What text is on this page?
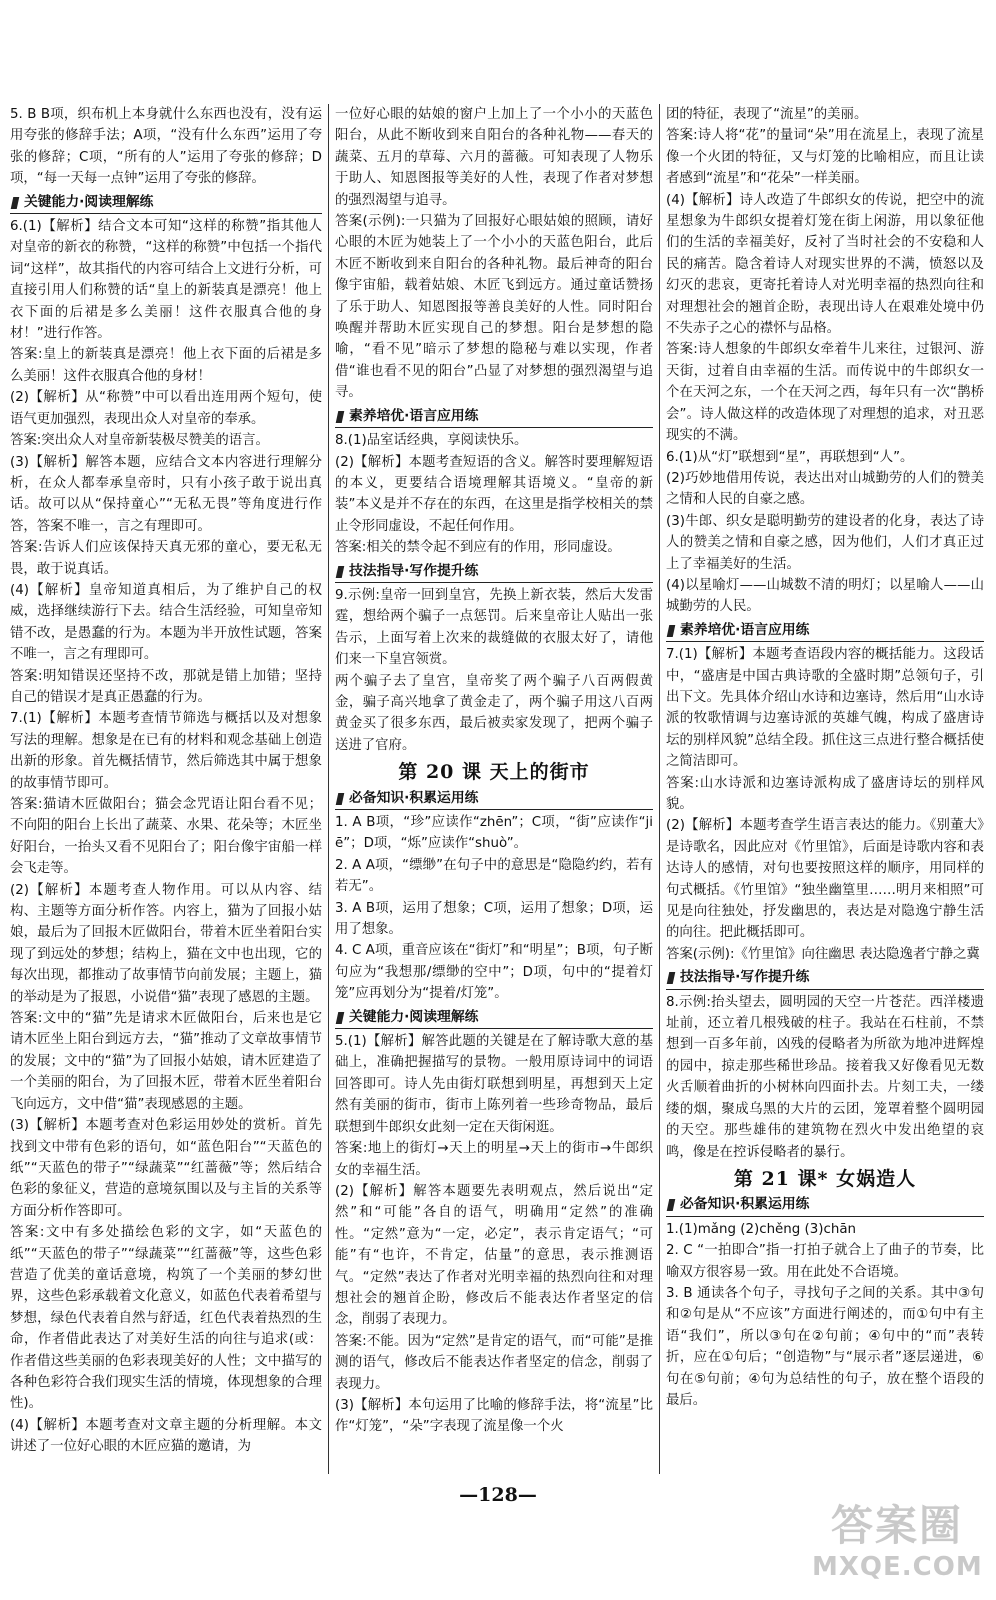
5. B B项，织布机上本身就什么东西也没有，没有运用夸张的修辞手法；A项，“没有什么东西”运用了夸张的修辞；C项，“所有的人”运用了夸张的修辞；D项，“每一天每一点钟”运用了夸张的修辞。
关键能力·阅读理解练
6.(1)【解析】结合文本可知“这样的称赞”指其他人对皇帝的新衣的称赞，“这样的称赞”中包括一个指代词“这样”，故其指代的内容可结合上文进行分析，可直接引用人们称赞的话“皇上的新装真是漂亮！他上衣下面的后裙是多么美丽！这件衣服真合他的身材！”进行作答。
答案:皇上的新装真是漂亮！他上衣下面的后裙是多么美丽！这件衣服真合他的身材！
(2)【解析】从“称赞”中可以看出连用两个短句，使语气更加强烈，表现出众人对皇帝的奉承。
答案:突出众人对皇帝新装极尽赞美的语言。
(3)【解析】解答本题，应结合文本内容进行理解分析，在众人都奉承皇帝时，只有小孩子敢于说出真话。故可以从“保持童心”“无私无畏”等角度进行作答，答案不唯一，言之有理即可。
答案:告诉人们应该保持天真无邪的童心，要无私无畏，敢于说真话。
(4)【解析】皇帝知道真相后，为了维护自己的权威，选择继续游行下去。结合生活经验，可知皇帝知错不改，是愚蠢的行为。本题为半开放性试题，答案不唯一，言之有理即可。
答案:明知错误还坚持不改，那就是错上加错；坚持自己的错误才是真正愚蠢的行为。
7.(1)【解析】本题考查情节筛选与概括以及对想象写法的理解。想象是在已有的材料和观念基础上创造出新的形象。首先概括情节，然后筛选其中属于想象的故事情节即可。
答案:猫请木匠做阳台；猫会念咒语让阳台看不见；不向阳的阳台上长出了蔬菜、水果、花朵等；木匠坐好阳台，一抬头又看不见阳台了；阳台像宇宙船一样会飞走等。
(2)【解析】本题考查人物作用。可以从内容、结构、主题等方面分析作答。内容上，猫为了回报小姑娘，最后为了回报木匠做阳台，带着木匠坐着阳台实现了到远处的梦想；结构上，猫在文中也出现，它的每次出现，都推动了故事情节向前发展；主题上，猫的举动是为了报恩，小说借“猫”表现了感恩的主题。
答案:文中的“猫”先是请求木匠做阳台，后来也是它请木匠坐上阳台到远方去，“猫”推动了文章故事情节的发展；文中的“猫”为了回报小姑娘，请木匠建造了一个美丽的阳台，为了回报木匠，带着木匠坐着阳台飞向远方，文中借“猫”表现感恩的主题。
(3)【解析】本题考查对色彩运用妙处的赏析。首先找到文中带有色彩的语句，如“蓝色阳台”“天蓝色的纸”“天蓝色的带子”“绿蔬菜”“红蔷薇”等；然后结合色彩的象征义，营造的意境氛围以及与主旨的关系等方面分析作答即可。
答案:文中有多处描绘色彩的文字，如“天蓝色的纸”“天蓝色的带子”“绿蔬菜”“红蔷薇”等，这些色彩营造了优美的童话意境，构筑了一个美丽的梦幻世界，这些色彩承载着文化意义，如蓝色代表着希望与梦想，绿色代表着自然与舒适，红色代表着热烈的生命，作者借此表达了对美好生活的向往与追求(或：作者借这些美丽的色彩表现美好的人性；文中描写的各种色彩符合我们现实生活的情境，体现想象的合理性)。
(4)【解析】本题考查对文章主题的分析理解。本文讲述了一位好心眼的木匠应猫的邀请，为
一位好心眼的姑娘的窗户上加上了一个小小的天蓝色阳台，从此不断收到来自阳台的各种礼物——春天的蔬菜、五月的草莓、六月的蔷薇。可知表现了人物乐于助人、知恩图报等美好的人性，表现了作者对梦想的强烈渴望与追寻。
答案(示例):一只猫为了回报好心眼姑娘的照顾，请好心眼的木匠为她装上了一个小小的天蓝色阳台，此后木匠不断收到来自阳台的各种礼物。最后神奇的阳台像宇宙船，载着姑娘、木匠飞到远方。通过童话赞扬了乐于助人、知恩图报等善良美好的人性。同时阳台唤醒并帮助木匠实现自己的梦想。阳台是梦想的隐喻，“看不见”暗示了梦想的隐秘与难以实现，作者借“谁也看不见的阳台”凸显了对梦想的强烈渴望与追寻。
素养培优·语言应用练
8.(1)品室话经典，享阅读快乐。
(2)【解析】本题考查短语的含义。解答时要理解短语的本义，更要结合语境理解其语境义。“皇帝的新装”本义是并不存在的东西，在这里是指学校相关的禁止令形同虚设，不起任何作用。
答案:相关的禁令起不到应有的作用，形同虚设。
技法指导·写作提升练
9.示例:皇帝一回到皇宫，先换上新衣装，然后大发雷霆，想给两个骗子一点惩罚。后来皇帝让人贴出一张告示，上面写着上次来的裁缝做的衣服太好了，请他们来一下皇宫领赏。
两个骗子去了皇宫，皇帝奖了两个骗子八百两假黄金，骗子高兴地拿了黄金走了，两个骗子用这八百两黄金买了很多东西，最后被卖家发现了，把两个骗子送进了官府。
第 20 课 天上的街市
必备知识·积累运用练
1. A B项，“珍”应读作“zhēn”；C项，“街”应读作“jiē”；D项，“烁”应读作“shuò”。
2. A A项，“缥缈”在句子中的意思是“隐隐约约，若有若无”。
3. A B项，运用了想象；C项，运用了想象；D项，运用了想象。
4. C A项，重音应该在“街灯”和“明星”；B项，句子断句应为“我想那/缥缈的空中”；D项，句中的“提着灯笼”应再划分为“提着/灯笼”。
关键能力·阅读理解练
5.(1)【解析】解答此题的关键是在了解诗歌大意的基础上，准确把握描写的景物。一般用原诗词中的词语回答即可。诗人先由街灯联想到明星，再想到天上定然有美丽的街市，街市上陈列着一些珍奇物品，最后联想到牛郎织女此刻一定在天街闲逛。
答案:地上的街灯→天上的明星→天上的街市→牛郎织女的幸福生活。
(2)【解析】解答本题要先表明观点，然后说出“定然”和“可能”各自的语气，明确用“定然”的准确性。“定然”意为“一定，必定”，表示肯定语气；“可能”有“也许，不肯定，估量”的意思，表示推测语气。“定然”表达了作者对光明幸福的热烈向往和对理想社会的翘首企盼，修改后不能表达作者坚定的信念，削弱了表现力。
答案:不能。因为“定然”是肯定的语气，而“可能”是推测的语气，修改后不能表达作者坚定的信念，削弱了表现力。
(3)【解析】本句运用了比喻的修辞手法，将“流星”比作“灯笼”，“朵”字表现了流星像一个火
团的特征，表现了“流星”的美丽。
答案:诗人将“花”的量词“朵”用在流星上，表现了流星像一个火团的特征，又与灯笼的比喻相应，而且让读者感到“流星”和“花朵”一样美丽。
(4)【解析】诗人改造了牛郎织女的传说，把空中的流星想象为牛郎织女提着灯笼在街上闲游，用以象征他们的生活的幸福美好，反衬了当时社会的不安稳和人民的痛苦。隐含着诗人对现实世界的不满，愤怒以及幻灭的悲哀，更寄托着诗人对光明幸福的热烈向往和对理想社会的翘首企盼，表现出诗人在艰难处境中仍不失赤子之心的襟怀与品格。
答案:诗人想象的牛郎织女牵着牛儿来往，过银河、游天街，过着自由幸福的生活。而传说中的牛郎织女一个在天河之东，一个在天河之西，每年只有一次“鹊桥会”。诗人做这样的改造体现了对理想的追求，对丑恶现实的不满。
6.(1)从“灯”联想到“星”，再联想到“人”。
(2)巧妙地借用传说，表达出对山城勤劳的人们的赞美之情和人民的自豪之感。
(3)牛郎、织女是聪明勤劳的建设者的化身，表达了诗人的赞美之情和自豪之感，因为他们，人们才真正过上了幸福美好的生活。
(4)以星喻灯——山城数不清的明灯；以星喻人——山城勤劳的人民。
素养培优·语言应用练
7.(1)【解析】本题考查语段内容的概括能力。这段话中，“盛唐是中国古典诗歌的全盛时期”总领句子，引出下文。先具体介绍山水诗和边塞诗，然后用“山水诗派的牧歌情调与边塞诗派的英雄气魄，构成了盛唐诗坛的别样风貌”总结全段。抓住这三点进行整合概括使之简洁即可。
答案:山水诗派和边塞诗派构成了盛唐诗坛的别样风貌。
(2)【解析】本题考查学生语言表达的能力。《别董大》是诗歌名，因此应对《竹里馆》，后面是诗歌内容和表达诗人的感情，对句也要按照这样的顺序，用同样的句式概括。《竹里馆》“独坐幽篁里……明月来相照”可见是向往独处，抒发幽思的，表达是对隐逸宁静生活的向往。把此概括即可。
答案(示例):《竹里馆》向往幽思 表达隐逸者宁静之冀
技法指导·写作提升练
8.示例:抬头望去，圆明园的天空一片苍茫。西洋楼遗址前，还立着几根残破的柱子。我站在石柱前，不禁想到一百多年前，凶残的侵略者为所欲为地冲进辉煌的园中，掠走那些稀世珍品。接着我又好像看见无数火舌顺着曲折的小树林向四面扑去。片刻工夫，一缕缕的烟，聚成乌黑的大片的云团，笼罩着整个圆明园的天空。那些雄伟的建筑物在烈火中发出绝望的哀鸣，像是在控诉侵略者的暴行。
第 21 课* 女娲造人
必备知识·积累运用练
1.(1)mǎng (2)chěng (3)chān
2. C “一拍即合”指一打拍子就合上了曲子的节奏，比喻双方很容易一致。用在此处不合语境。
3. B 通读各个句子，寻找句子之间的关系。其中③句和②句是从“不应该”方面进行阐述的，而①句中有主语“我们”，所以③句在②句前；④句中的“而”表转折，应在①句后；“创造物”与“展示者”逐层递进，⑥句在⑤句前；④句为总结性的句子，放在整个语段的最后。
—128—
答案圈
MXQE.COM
